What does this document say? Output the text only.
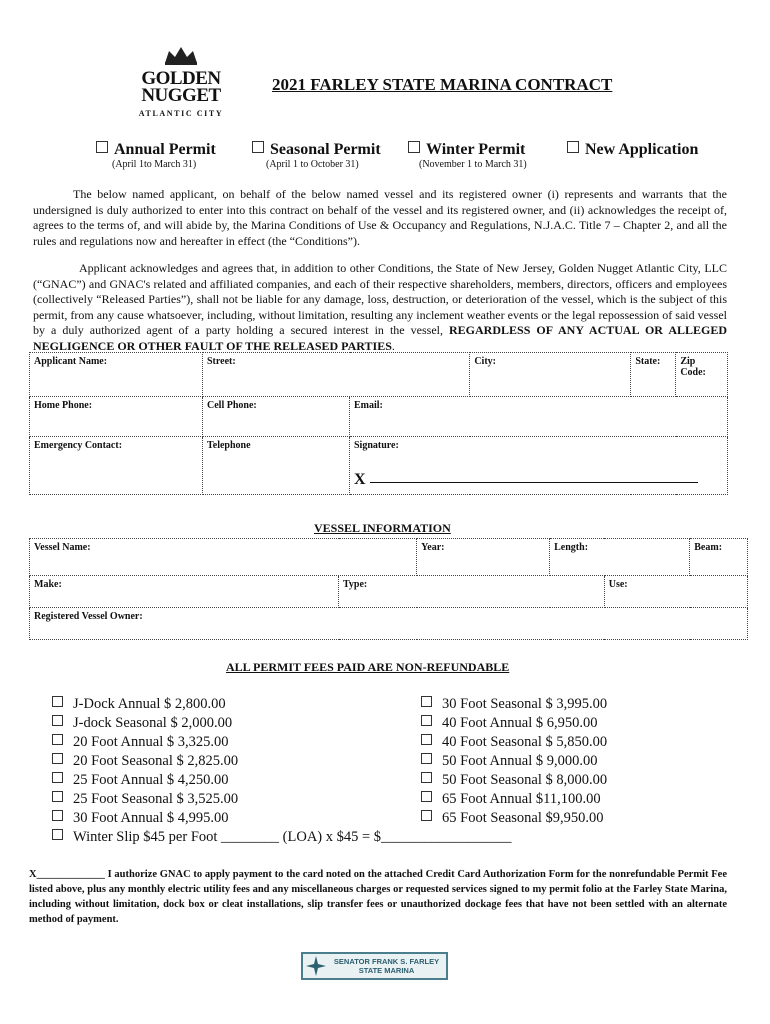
GOLDEN
NUGGET
ATLANTIC CITY
2021 FARLEY STATE MARINA CONTRACT
Annual Permit	Seasonal Permit	Winter Permit	New Application
(April 1to March 31)	(April 1 to October 31)	(November 1 to March 31)
The below named applicant, on behalf of the below named vessel and its registered owner (i) represents and warrants that the undersigned is duly authorized to enter into this contract on behalf of the vessel and its registered owner, and (ii) acknowledges the receipt of, agrees to the terms of, and will abide by, the Marina Conditions of Use & Occupancy and Regulations, N.J.A.C. Title 7 – Chapter 2, and all the rules and regulations now and hereafter in effect (the “Conditions”).
Applicant acknowledges and agrees that, in addition to other Conditions, the State of New Jersey, Golden Nugget Atlantic City, LLC (“GNAC”) and GNAC's related and affiliated companies, and each of their respective shareholders, members, directors, officers and employees (collectively “Released Parties”), shall not be liable for any damage, loss, destruction, or deterioration of the vessel, which is the subject of this permit, from any cause whatsoever, including, without limitation, resulting any inclement weather events or the legal repossession of said vessel by a duly authorized agent of a party holding a secured interest in the vessel, REGARDLESS OF ANY ACTUAL OR ALLEGED NEGLIGENCE OR OTHER FAULT OF THE RELEASED PARTIES.
Applicant Name:	Street:		City:	State:	Zip Code:
Home Phone:	Cell Phone:	Email:			
Emergency Contact:	Telephone	Signature:
X			
VESSEL INFORMATION
Vessel Name:		Year:	Length:		Beam:
Make:	Type:			Use:	
Registered Vessel Owner:					
ALL PERMIT FEES PAID ARE NON-REFUNDABLE
J-Dock Annual $ 2,800.00
J-dock Seasonal $ 2,000.00
20 Foot Annual $ 3,325.00
20 Foot Seasonal $ 2,825.00
25 Foot Annual $ 4,250.00
25 Foot Seasonal $ 3,525.00
30 Foot Annual $ 4,995.00
Winter Slip $45 per Foot ________ (LOA) x $45 = $__________________
30 Foot Seasonal $ 3,995.00
40 Foot Annual $ 6,950.00
40 Foot Seasonal $ 5,850.00
50 Foot Annual $ 9,000.00
50 Foot Seasonal $ 8,000.00
65 Foot Annual $11,100.00
65 Foot Seasonal $9,950.00
X_____________ I authorize GNAC to apply payment to the card noted on the attached Credit Card Authorization Form for the nonrefundable Permit Fee listed above, plus any monthly electric utility fees and any miscellaneous charges or requested services signed to my permit folio at the Farley State Marina, including without limitation, dock box or cleat installations, slip transfer fees or unauthorized dockage fees that have not been settled with an alternate method of payment.
SENATOR FRANK S. FARLEY
STATE MARINA
